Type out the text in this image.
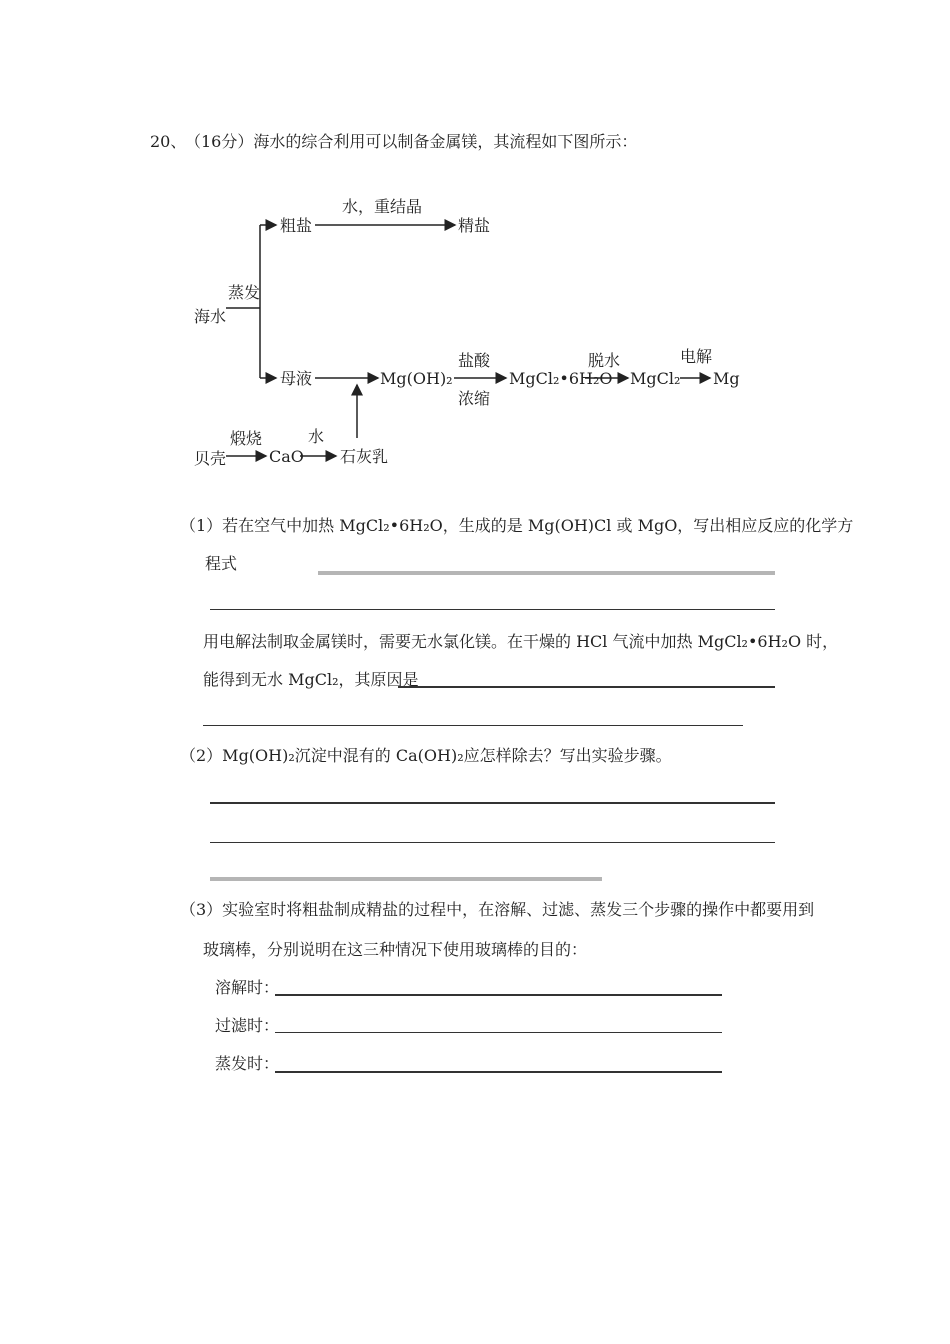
20、
（16分）海水的综合利用可以制备金属镁，其流程如下图所示：
海水
蒸发
粗盐
水，重结晶
精盐
母液	Mg(OH)₂
盐酸
浓缩
MgCl₂•6H₂O
脱水
MgCl₂
电解
Mg
贝壳
煅烧
CaO
水
石灰乳
（1）若在空气中加热 MgCl₂•6H₂O，生成的是 Mg(OH)Cl 或 MgO，写出相应反应的化学方
程式
用电解法制取金属镁时，需要无水氯化镁。在干燥的 HCl 气流中加热 MgCl₂•6H₂O 时，
能得到无水 MgCl₂，其原因是
（2）Mg(OH)₂沉淀中混有的 Ca(OH)₂应怎样除去？写出实验步骤。
（3）实验室时将粗盐制成精盐的过程中，在溶解、过滤、蒸发三个步骤的操作中都要用到
玻璃棒，分别说明在这三种情况下使用玻璃棒的目的：
溶解时：
过滤时：
蒸发时：
